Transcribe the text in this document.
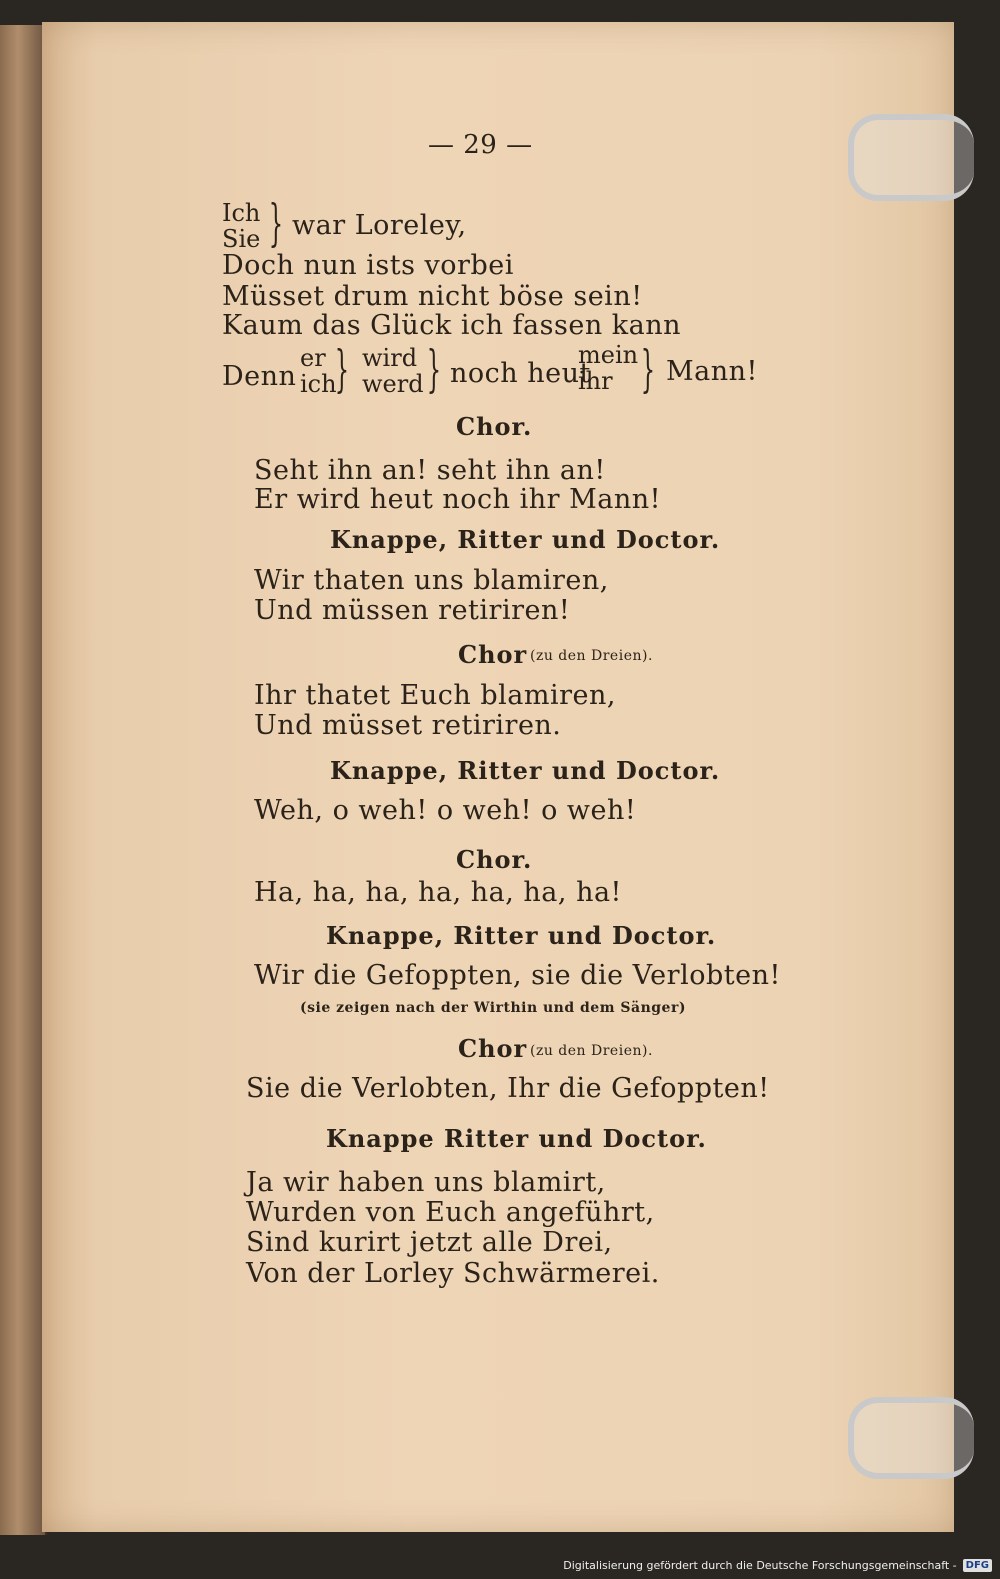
— 29 —
Ich
Sie } war Loreley,
Doch nun ists vorbei
Müsset drum nicht böse sein!
Kaum das Glück ich fassen kann
Denn
er
ich
} wird
werd } noch heut
mein
ihr } Mann!
Chor.
Seht ihn an! seht ihn an!
Er wird heut noch ihr Mann!
Knappe, Ritter und Doctor.
Wir thaten uns blamiren,
Und müssen retiriren!
Chor (zu den Dreien).
Ihr thatet Euch blamiren,
Und müsset retiriren.
Knappe, Ritter und Doctor.
Weh, o weh! o weh! o weh!
Chor.
Ha, ha, ha, ha, ha, ha, ha!
Knappe, Ritter und Doctor.
Wir die Gefoppten, sie die Verlobten!
(sie zeigen nach der Wirthin und dem Sänger)
Chor (zu den Dreien).
Sie die Verlobten, Ihr die Gefoppten!
Knappe Ritter und Doctor.
Ja wir haben uns blamirt,
Wurden von Euch angeführt,
Sind kurirt jetzt alle Drei,
Von der Lorley Schwärmerei.
Digitalisierung gefördert durch die Deutsche Forschungsgemeinschaft - DFG
